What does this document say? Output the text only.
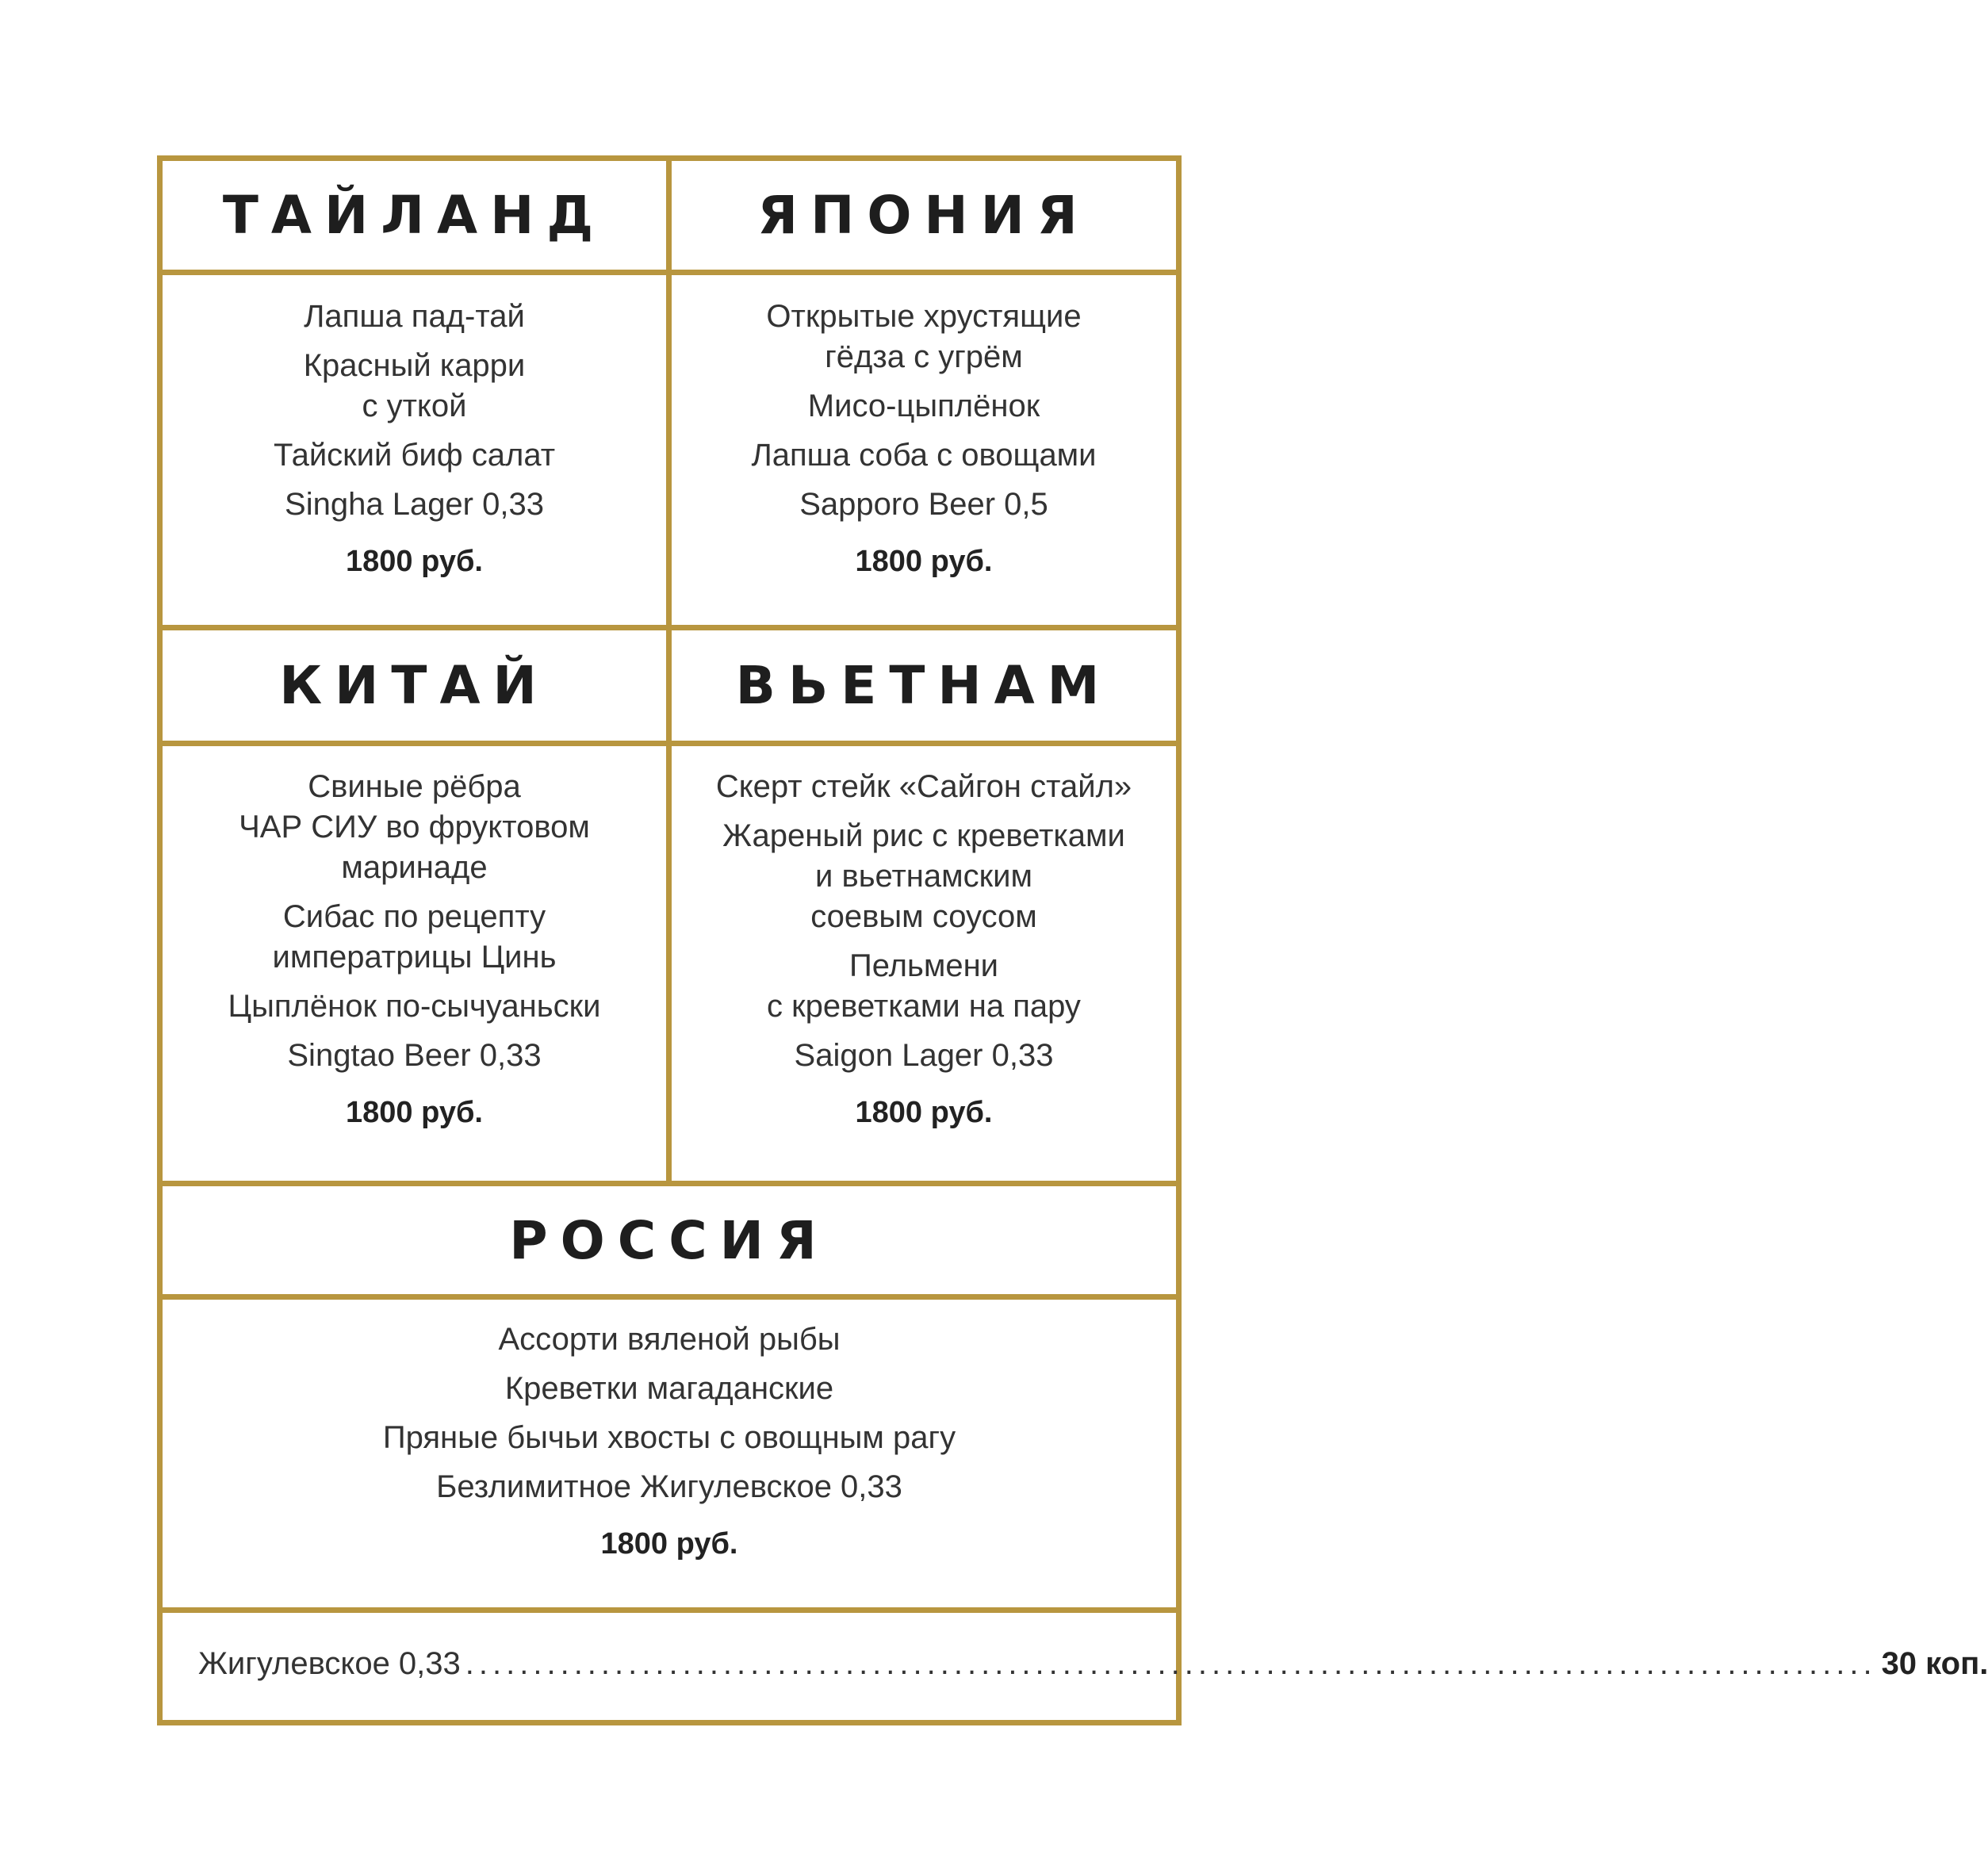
ТАЙЛАНД
Лапша пад-тай
Красный карри
с уткой
Тайский биф салат
Singha Lager 0,33
1800 руб.
ЯПОНИЯ
Открытые хрустящие
гёдза с угрём
Мисо-цыплёнок
Лапша соба с овощами
Sapporo Beer 0,5
1800 руб.
КИТАЙ
Свиные рёбра
ЧАР СИУ во фруктовом
маринаде
Сибас по рецепту
императрицы Цинь
Цыплёнок по-сычуаньски
Singtao Beer 0,33
1800 руб.
ВЬЕТНАМ
Скерт стейк «Сайгон стайл»
Жареный рис с креветками
и вьетнамским
соевым соусом
Пельмени
с креветками на пару
Saigon Lager 0,33
1800 руб.
РОССИЯ
Ассорти вяленой рыбы
Креветки магаданские
Пряные бычьи хвосты с овощным рагу
Безлимитное Жигулевское 0,33
1800 руб.
Жигулевское 0,33 ........................................................................................................ 30 коп.
